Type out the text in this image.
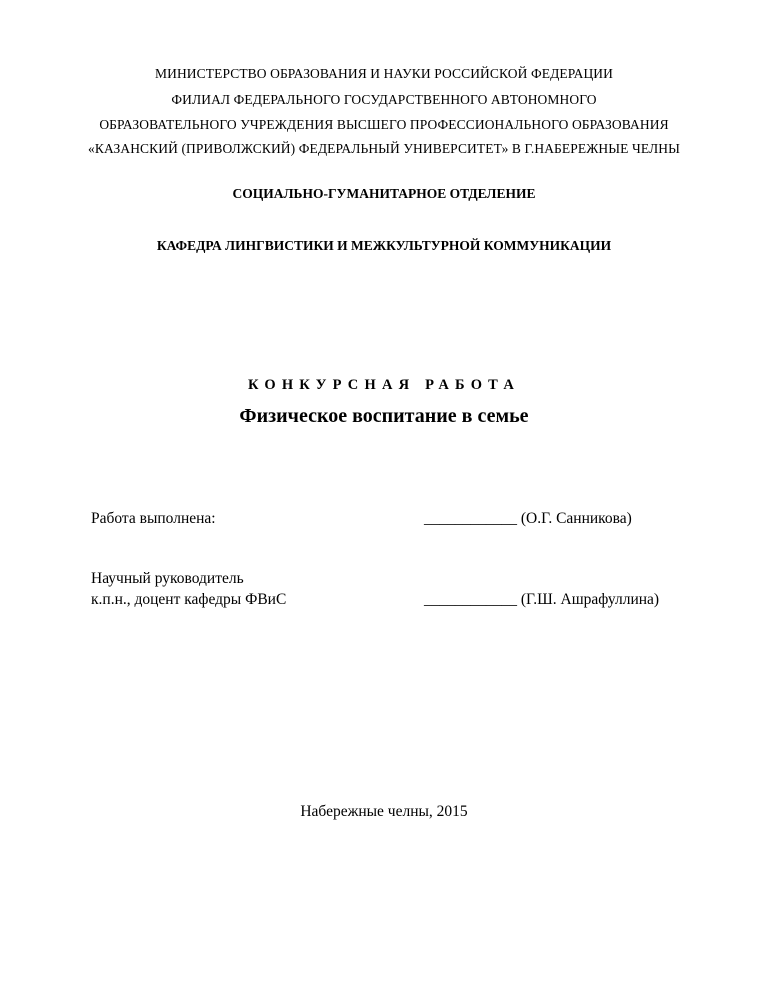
МИНИСТЕРСТВО ОБРАЗОВАНИЯ И НАУКИ РОССИЙСКОЙ ФЕДЕРАЦИИ
ФИЛИАЛ ФЕДЕРАЛЬНОГО ГОСУДАРСТВЕННОГО АВТОНОМНОГО
ОБРАЗОВАТЕЛЬНОГО УЧРЕЖДЕНИЯ ВЫСШЕГО ПРОФЕССИОНАЛЬНОГО ОБРАЗОВАНИЯ
«КАЗАНСКИЙ (ПРИВОЛЖСКИЙ) ФЕДЕРАЛЬНЫЙ УНИВЕРСИТЕТ» В Г.НАБЕРЕЖНЫЕ ЧЕЛНЫ
СОЦИАЛЬНО-ГУМАНИТАРНОЕ ОТДЕЛЕНИЕ
КАФЕДРА ЛИНГВИСТИКИ И МЕЖКУЛЬТУРНОЙ КОММУНИКАЦИИ
КОНКУРСНАЯ РАБОТА
Физическое воспитание в семье
Работа выполнена:	____________ (О.Г. Санникова)
Научный руководитель
к.п.н., доцент кафедры ФВиС	____________ (Г.Ш. Ашрафуллина)
Набережные челны, 2015
